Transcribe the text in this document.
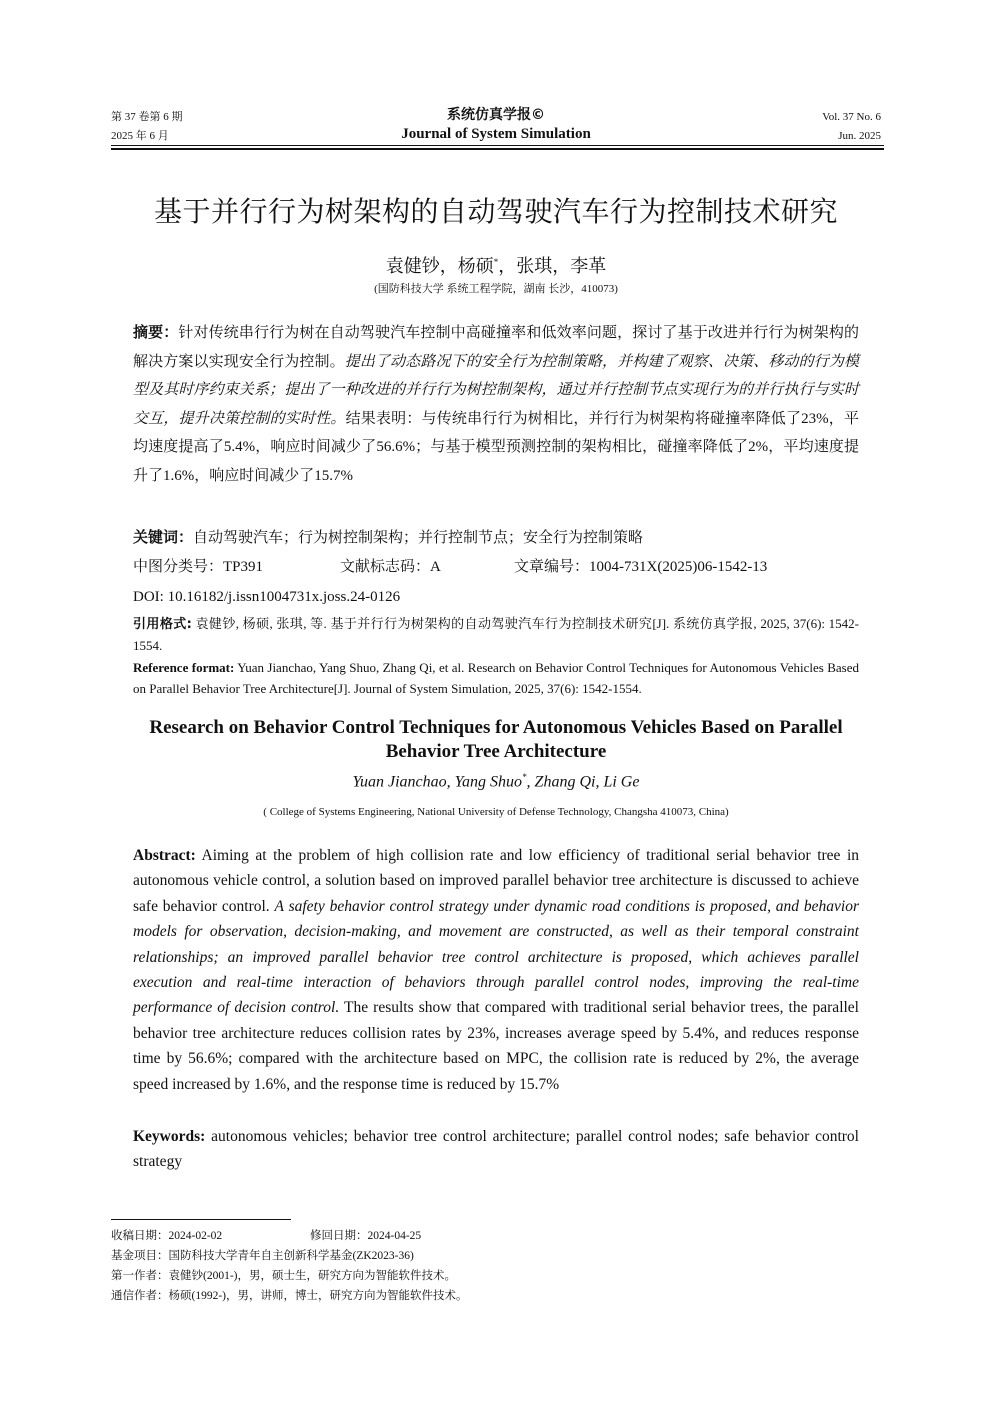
第 37 卷第 6 期
2025 年 6 月
系统仿真学报©
Journal of System Simulation
Vol. 37 No. 6
Jun. 2025
基于并行行为树架构的自动驾驶汽车行为控制技术研究
袁健钞，杨硕*，张琪，李革
(国防科技大学 系统工程学院，湖南 长沙，410073)
摘要：针对传统串行行为树在自动驾驶汽车控制中高碰撞率和低效率问题，探讨了基于改进并行行为树架构的解决方案以实现安全行为控制。提出了动态路况下的安全行为控制策略，并构建了观察、决策、移动的行为模型及其时序约束关系；提出了一种改进的并行行为树控制架构，通过并行控制节点实现行为的并行执行与实时交互，提升决策控制的实时性。结果表明：与传统串行行为树相比，并行行为树架构将碰撞率降低了23%，平均速度提高了5.4%，响应时间减少了56.6%；与基于模型预测控制的架构相比，碰撞率降低了2%，平均速度提升了1.6%，响应时间减少了15.7%
关键词：自动驾驶汽车；行为树控制架构；并行控制节点；安全行为控制策略
中图分类号：TP391	文献标志码：A	文章编号：1004-731X(2025)06-1542-13
DOI: 10.16182/j.issn1004731x.joss.24-0126
引用格式: 袁健钞, 杨硕, 张琪, 等. 基于并行行为树架构的自动驾驶汽车行为控制技术研究[J]. 系统仿真学报, 2025, 37(6): 1542-1554.
Reference format: Yuan Jianchao, Yang Shuo, Zhang Qi, et al. Research on Behavior Control Techniques for Autonomous Vehicles Based on Parallel Behavior Tree Architecture[J]. Journal of System Simulation, 2025, 37(6): 1542-1554.
Research on Behavior Control Techniques for Autonomous Vehicles Based on Parallel
Behavior Tree Architecture
Yuan Jianchao, Yang Shuo*, Zhang Qi, Li Ge
( College of Systems Engineering, National University of Defense Technology, Changsha 410073, China)
Abstract: Aiming at the problem of high collision rate and low efficiency of traditional serial behavior tree in autonomous vehicle control, a solution based on improved parallel behavior tree architecture is discussed to achieve safe behavior control. A safety behavior control strategy under dynamic road conditions is proposed, and behavior models for observation, decision-making, and movement are constructed, as well as their temporal constraint relationships; an improved parallel behavior tree control architecture is proposed, which achieves parallel execution and real-time interaction of behaviors through parallel control nodes, improving the real-time performance of decision control. The results show that compared with traditional serial behavior trees, the parallel behavior tree architecture reduces collision rates by 23%, increases average speed by 5.4%, and reduces response time by 56.6%; compared with the architecture based on MPC, the collision rate is reduced by 2%, the average speed increased by 1.6%, and the response time is reduced by 15.7%
Keywords: autonomous vehicles; behavior tree control architecture; parallel control nodes; safe behavior control strategy
收稿日期：2024-02-02	修回日期：2024-04-25
基金项目：国防科技大学青年自主创新科学基金(ZK2023-36)
第一作者：袁健钞(2001-)，男，硕士生，研究方向为智能软件技术。
通信作者：杨硕(1992-)，男，讲师，博士，研究方向为智能软件技术。
